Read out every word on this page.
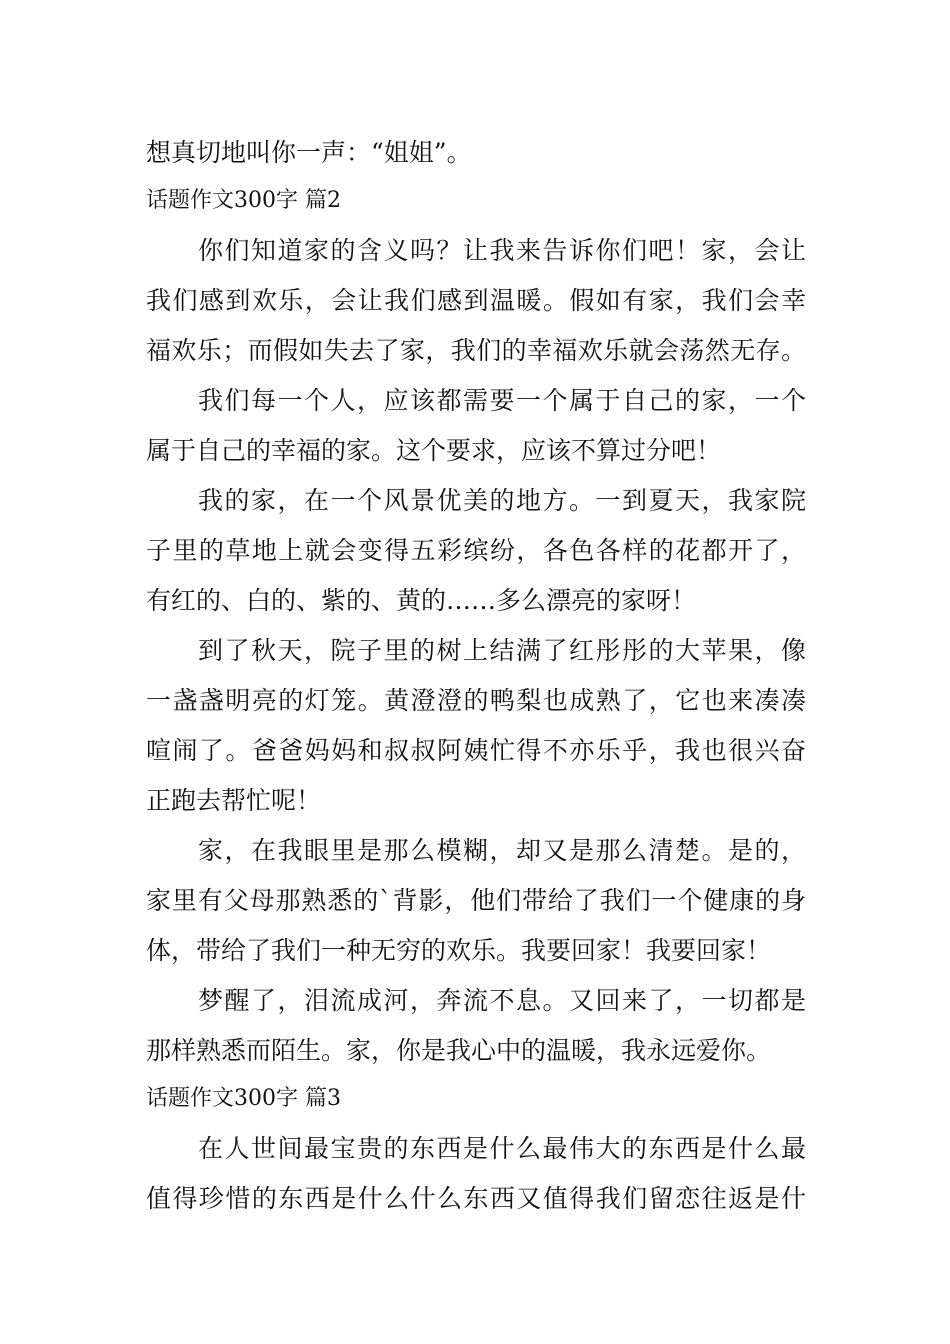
想真切地叫你一声：“姐姐”。
话题作文300字 篇2
你们知道家的含义吗？让我来告诉你们吧！家，会让
我们感到欢乐，会让我们感到温暖。假如有家，我们会幸
福欢乐；而假如失去了家，我们的幸福欢乐就会荡然无存。
我们每一个人，应该都需要一个属于自己的家，一个
属于自己的幸福的家。这个要求，应该不算过分吧！
我的家，在一个风景优美的地方。一到夏天，我家院
子里的草地上就会变得五彩缤纷，各色各样的花都开了，
有红的、白的、紫的、黄的……多么漂亮的家呀！
到了秋天，院子里的树上结满了红彤彤的大苹果，像
一盏盏明亮的灯笼。黄澄澄的鸭梨也成熟了，它也来凑凑
喧闹了。爸爸妈妈和叔叔阿姨忙得不亦乐乎，我也很兴奋
正跑去帮忙呢！
家，在我眼里是那么模糊，却又是那么清楚。是的，
家里有父母那熟悉的`背影，他们带给了我们一个健康的身
体，带给了我们一种无穷的欢乐。我要回家！我要回家！
梦醒了，泪流成河，奔流不息。又回来了，一切都是
那样熟悉而陌生。家，你是我心中的温暖，我永远爱你。
话题作文300字 篇3
在人世间最宝贵的东西是什么最伟大的东西是什么最
值得珍惜的东西是什么什么东西又值得我们留恋往返是什
